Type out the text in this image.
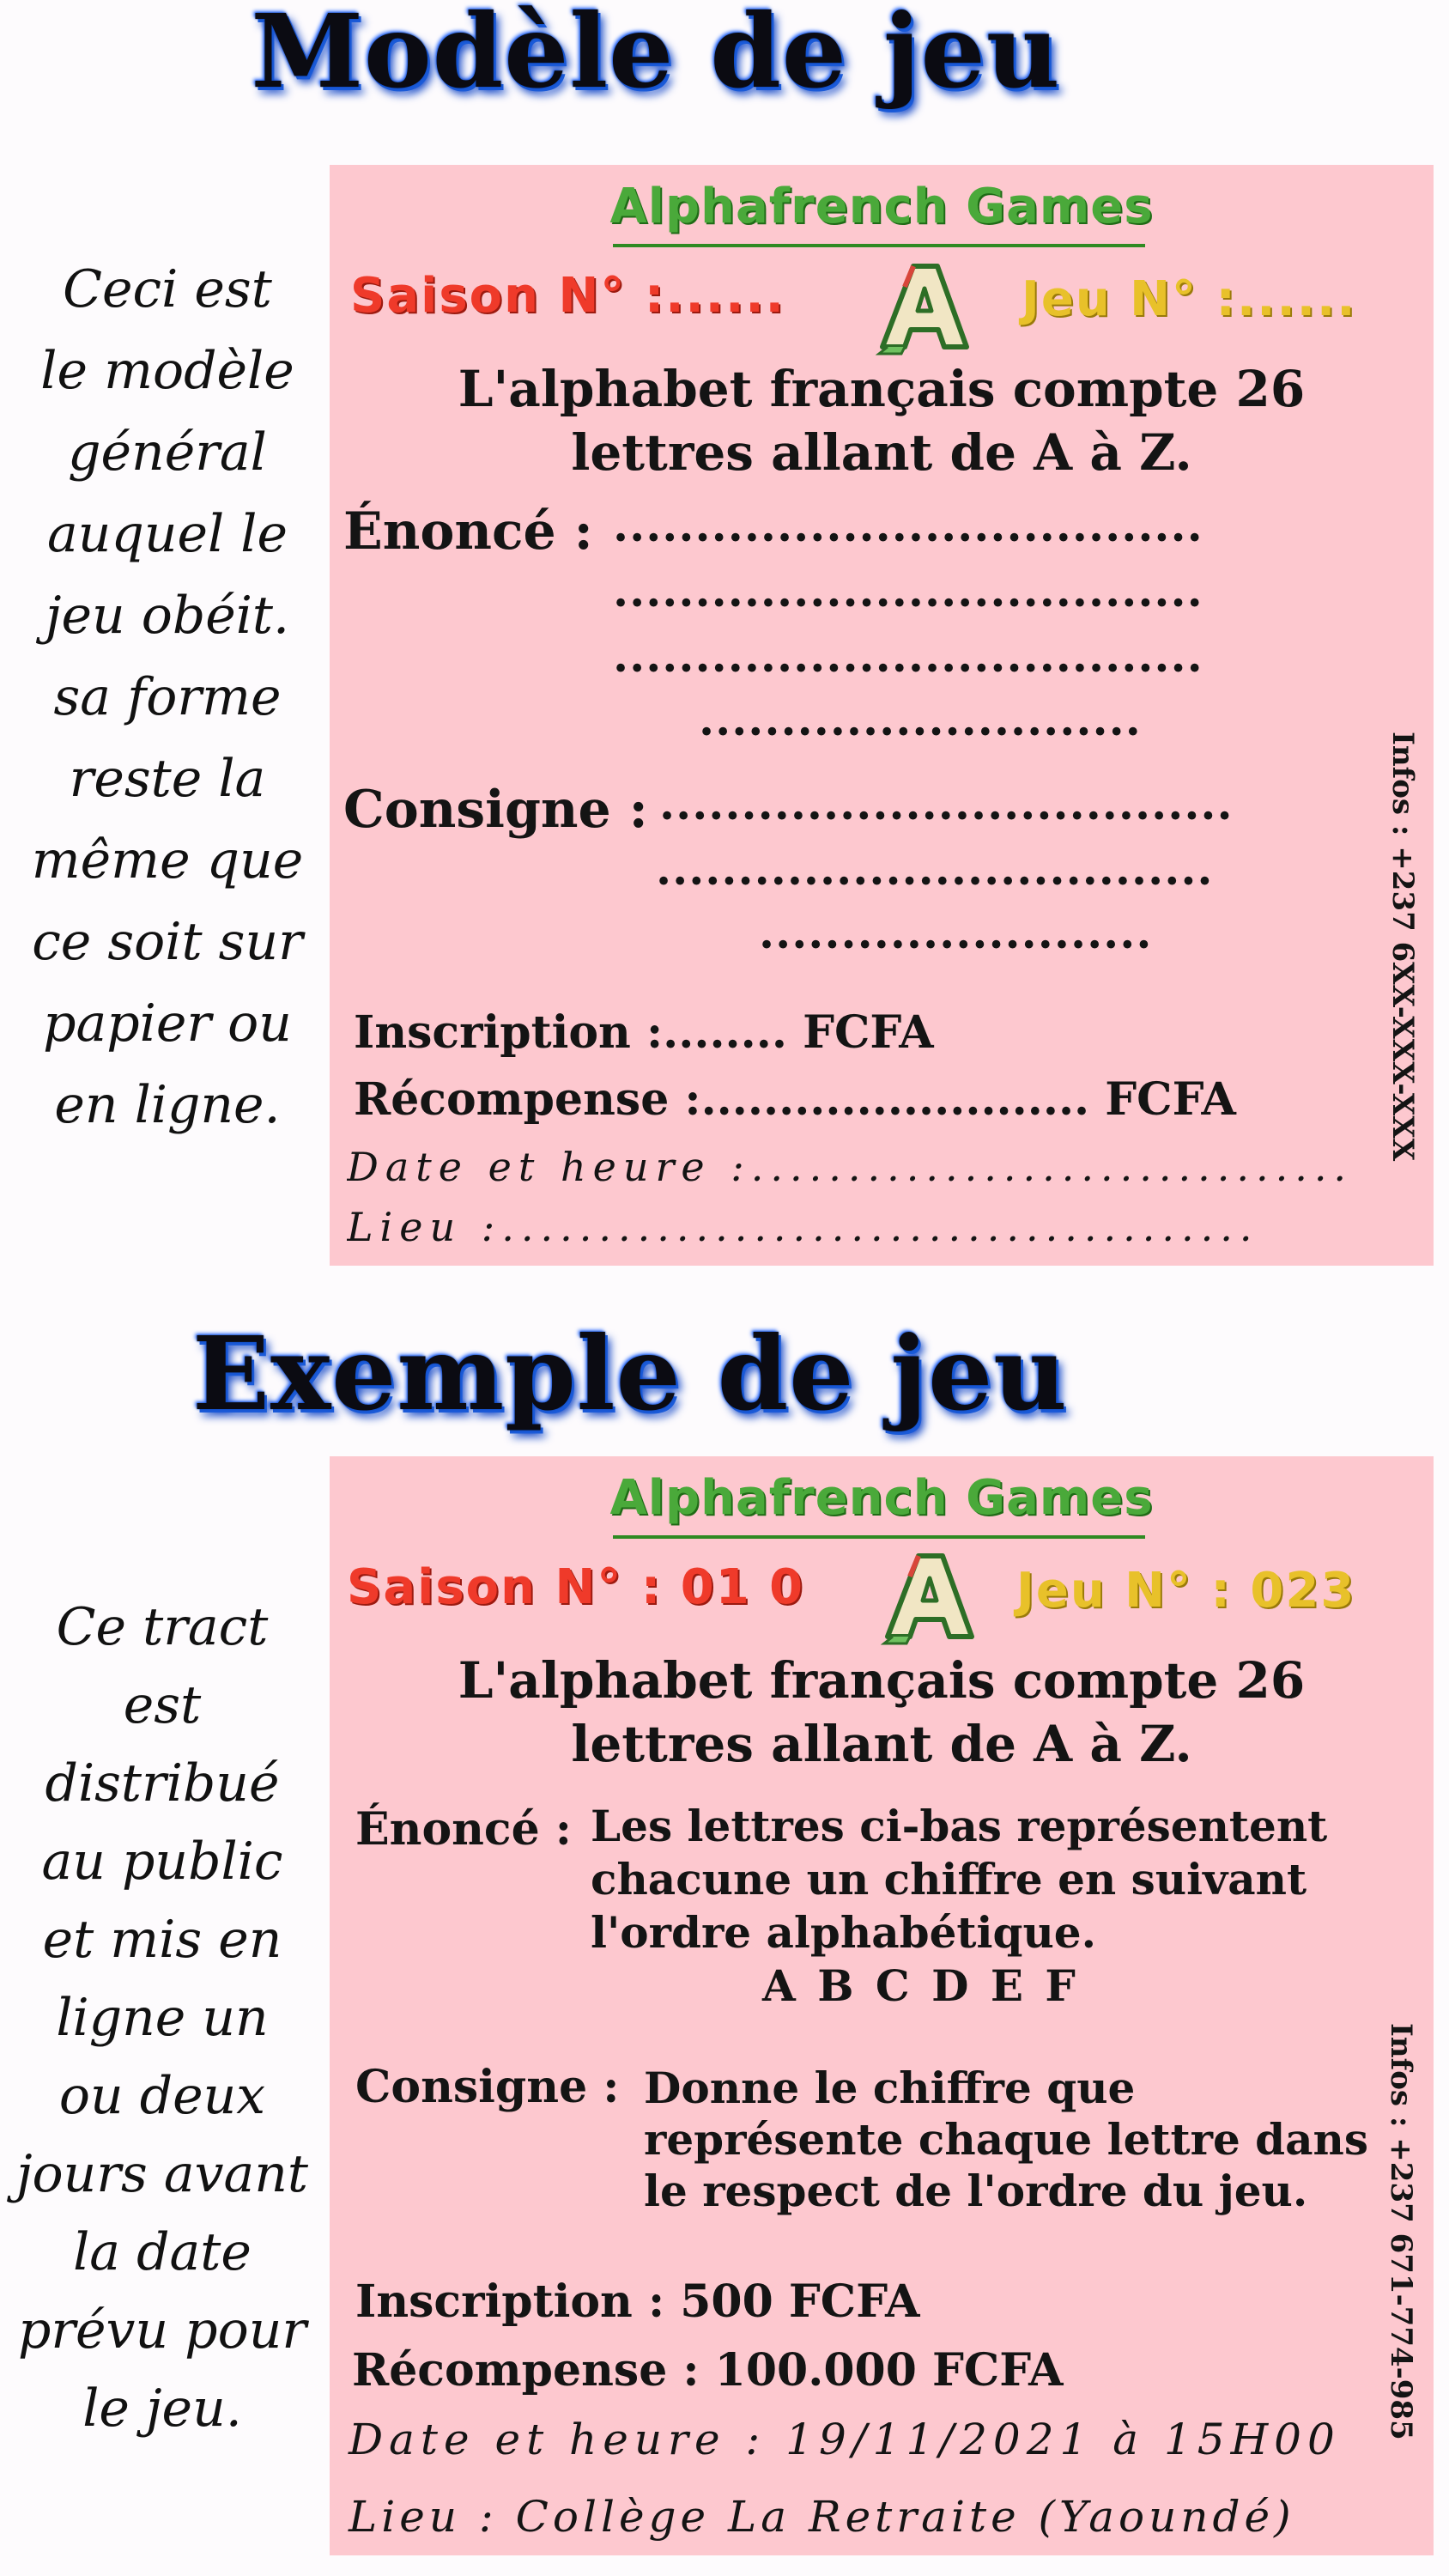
Modèle de jeu
Ceci est
le modèle
général
auquel le
jeu obéit.
sa forme
reste la
même que
ce soit sur
papier ou
en ligne.
Alphafrench Games
Saison N° :......	Jeu N° :......
L'alphabet français compte 26
lettres allant de A à Z.
Énoncé : ....................................
....................................
....................................
...........................
Consigne : ...................................
..................................
........................
Inscription :........ FCFA
Récompense :......................... FCFA
Date et heure :...............................
Lieu :.......................................
Infos : +237 6XX-XXX-XXX
Exemple de jeu
Ce tract
est distribué
au public
et mis en
ligne un
ou deux
jours avant
la date
prévu pour
le jeu.
Alphafrench Games
Saison N° : 01 0	Jeu N° : 023
L'alphabet français compte 26
lettres allant de A à Z.
Énoncé : Les lettres ci-bas représentent
chacune un chiffre en suivant
l'ordre alphabétique.
A B C D E F
Consigne : Donne le chiffre que
représente chaque lettre dans
le respect de l'ordre du jeu.
Inscription : 500 FCFA
Récompense : 100.000 FCFA
Date et heure : 19/11/2021 à 15H00
Lieu : Collège La Retraite (Yaoundé)
Infos : +237 671-774-985
